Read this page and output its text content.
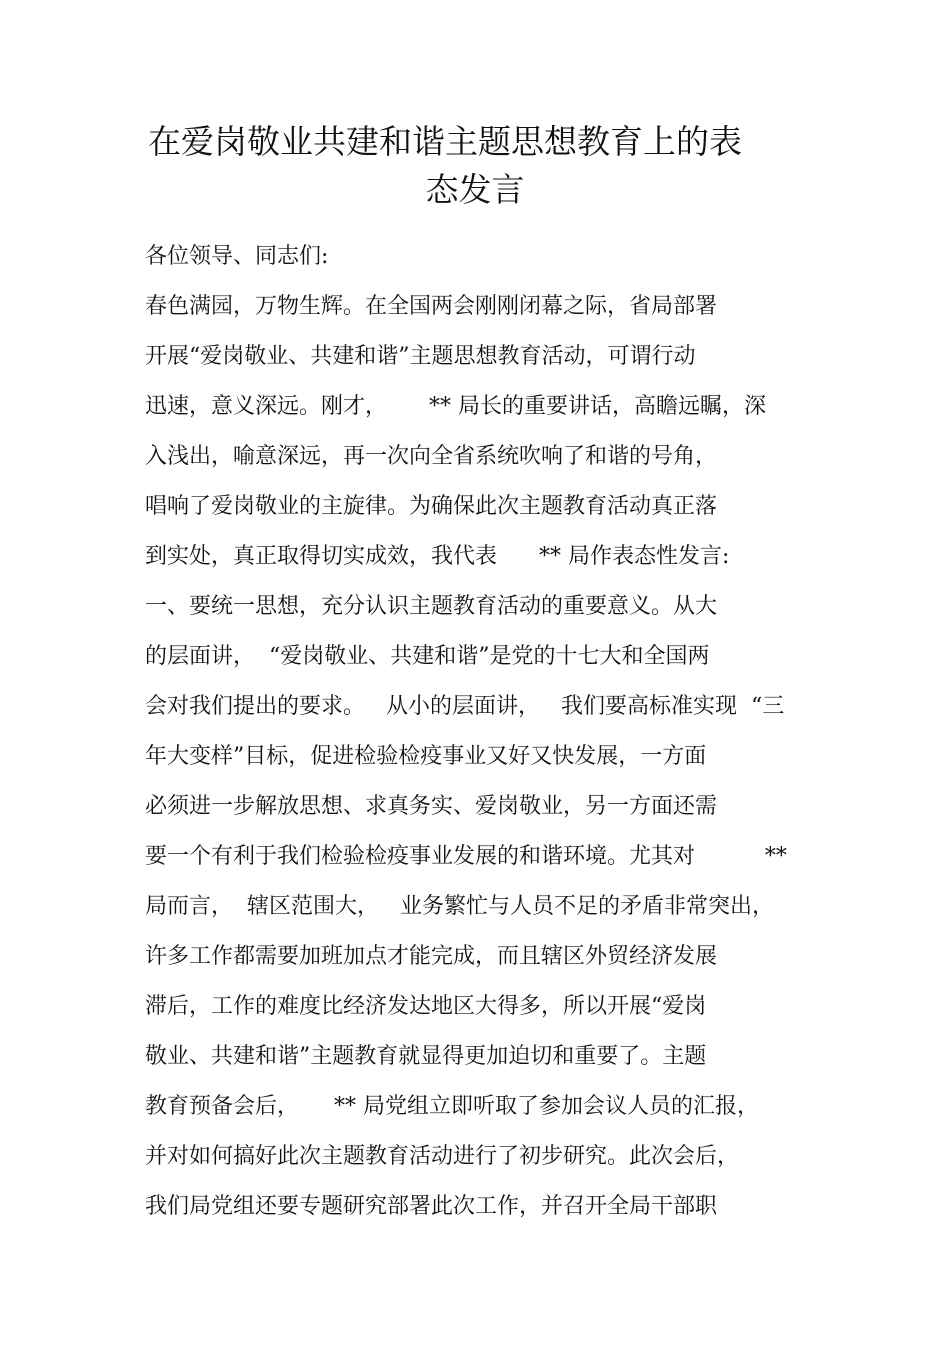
在爱岗敬业共建和谐主题思想教育上的表
态发言
各位领导、同志们:
春色满园，万物生辉。在全国两会刚刚闭幕之际，省局部署
开展“爱岗敬业、共建和谐”主题思想教育活动，可谓行动
迅速，意义深远。刚才，      ** 局长的重要讲话，高瞻远瞩，深
入浅出，喻意深远，再一次向全省系统吹响了和谐的号角，
唱响了爱岗敬业的主旋律。为确保此次主题教育活动真正落
到实处，真正取得切实成效，我代表      ** 局作表态性发言:
一、要统一思想，充分认识主题教育活动的重要意义。从大
的层面讲，  “爱岗敬业、共建和谐”是党的十七大和全国两
会对我们提出的要求。   从小的层面讲，   我们要高标准实现  “三
年大变样”目标，促进检验检疫事业又好又快发展，一方面
必须进一步解放思想、求真务实、爱岗敬业，另一方面还需
要一个有利于我们检验检疫事业发展的和谐环境。尤其对          **
局而言，  辖区范围大，   业务繁忙与人员不足的矛盾非常突出，
许多工作都需要加班加点才能完成，而且辖区外贸经济发展
滞后，工作的难度比经济发达地区大得多，所以开展“爱岗
敬业、共建和谐”主题教育就显得更加迫切和重要了。主题
教育预备会后，     ** 局党组立即听取了参加会议人员的汇报，
并对如何搞好此次主题教育活动进行了初步研究。此次会后，
我们局党组还要专题研究部署此次工作，并召开全局干部职
